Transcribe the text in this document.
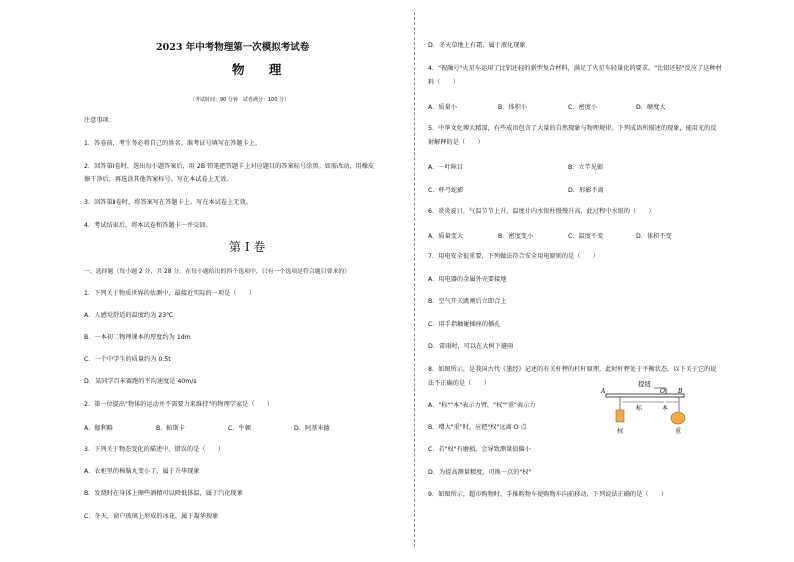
2023 年中考物理第一次模拟考试卷
物 理
（考试时间：90 分钟　试卷满分：100 分）
注意事项：
1．答卷前，考生务必将自己的姓名、准考证号填写在答题卡上。
2．回答第Ⅰ卷时，选出每小题答案后，用 2B 铅笔把答题卡上对应题目的答案标号涂黑。如需改动，用橡皮
擦干净后，再选涂其他答案标号。写在本试卷上无效。
3．回答第Ⅱ卷时，将答案写在答题卡上。写在本试卷上无效。
4．考试结束后，将本试卷和答题卡一并交回。
第 Ⅰ 卷
一、选择题（每小题 2 分，共 28 分。在每小题给出的四个选项中，只有一个选项是符合题目要求的）
1．下列关于物质世界的估测中，最接近实际的一项是（　　）
A．人感觉舒适的温度约为 23℃
B．一本初二物理课本的厚度约为 1dm
C．一个中学生的质量约为 0.5t
D．某同学百米赛跑的平均速度是 40m/s
2．第一位提出"物体的运动并不需要力来维持"的物理学家是（　　）
A．伽利略	B．帕斯卡	C．牛顿	D．阿基米德
3．下列关于物态变化的描述中，错误的是（　　）
A．衣柜里的樟脑丸变小了，属于升华现象
B．发烧时在身体上擦些酒精可以降低体温，属于汽化现象
C．冬天，窗户玻璃上形成的冰花，属于凝华现象
D．冬天草地上有霜，属于液化现象
4．"祝融号"火星车运用了比铝还轻的新型复合材料，满足了火星车轻量化的要求。"比铝还轻"反应了这种材
料（　　）
A．质量小	B．体积小	C．密度小	D．硬度大
5．中华文化博大精深，有些成语包含了大量的自然现象与物理规律。下列成语所描述的现象，能用光的反
射解释的是（　　）
A．一叶障目	B．立竿见影
C．杯弓蛇影	D．形影不离
6．炎炎夏日，气温节节上升，温度计内水银柱慢慢升高，此过程中水银的（　　）
A．质量变大	B．密度变小	C．温度不变	D．体积不变
7．用电安全很重要，下列做法符合安全用电原则的是（　　）
A．用电器的金属外壳要接地
B．空气开关跳闸后立即合上
C．用手指触碰插座的插孔
D．雷雨时，可以在大树下避雨
8．如图所示，是我国古代《墨经》记述的有关杆秤的杠杆原理，此时杆秤处于平衡状态，以下关于它的说
法不正确的是（　　）
A．"标""本"表示力臂，"权""重"表示力
B．增大"重"时，应把"权"远离 O 点
C．若"权"有磨损，会导致测量值偏小
D．为提高测量精度，可换一点的"权"
9．如图所示，超市购物时，手推购物车使购物车向前移动，下列说法正确的是（　　）
提纽
A	O B
权
标	本
重
